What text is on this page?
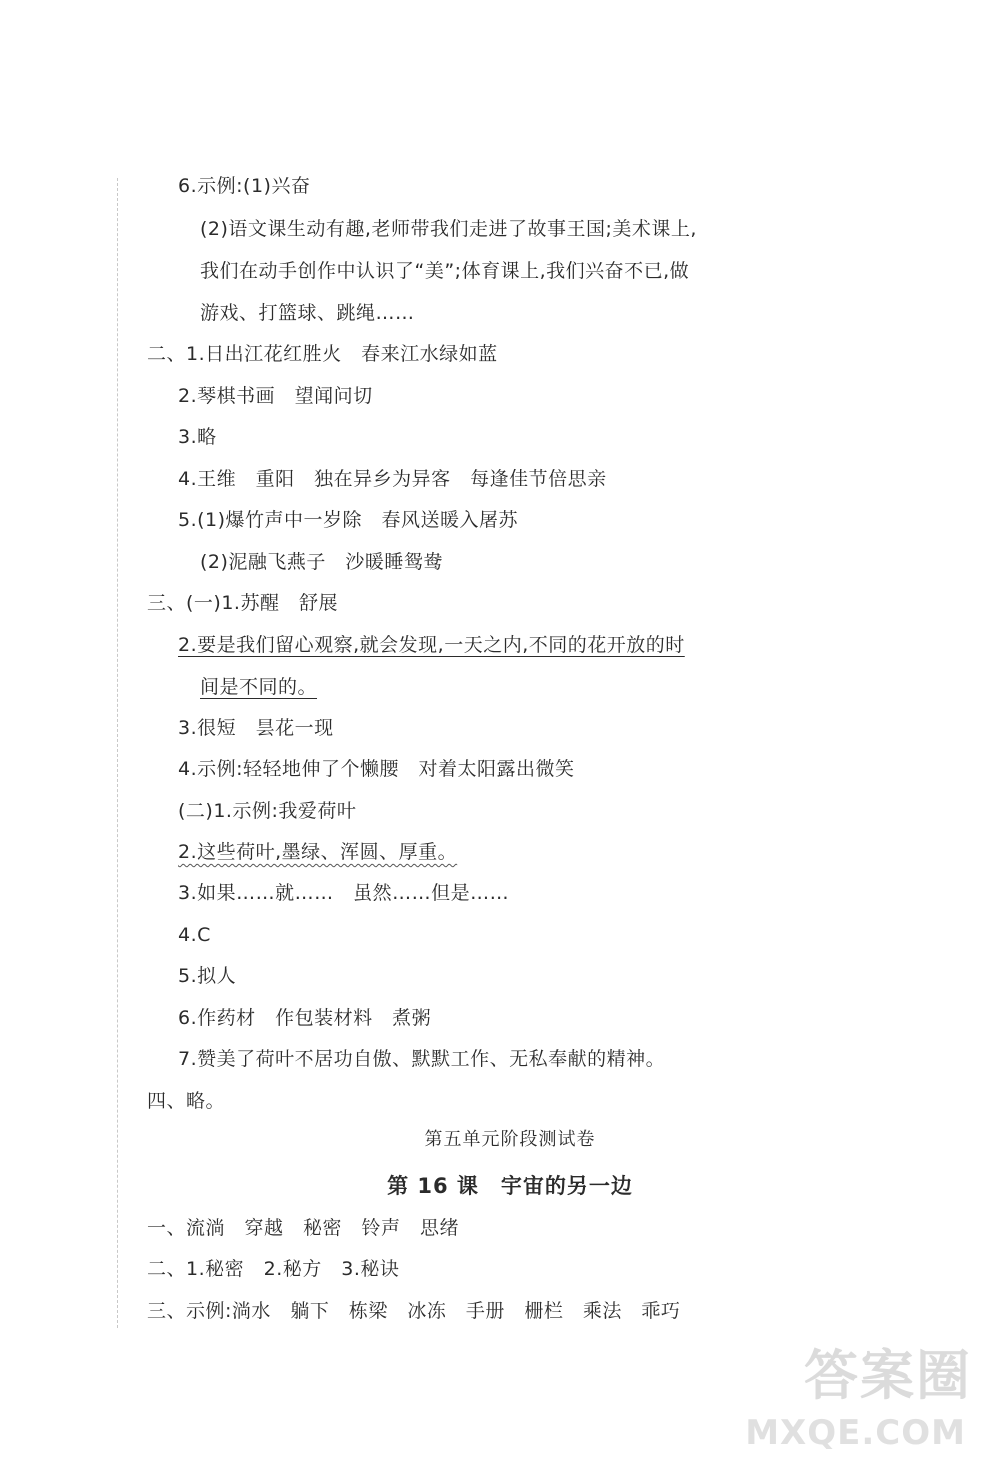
6.示例:(1)兴奋
(2)语文课生动有趣,老师带我们走进了故事王国;美术课上,
我们在动手创作中认识了“美”;体育课上,我们兴奋不已,做
游戏、打篮球、跳绳……
二、1.日出江花红胜火　春来江水绿如蓝
2.琴棋书画　望闻问切
3.略
4.王维　重阳　独在异乡为异客　每逢佳节倍思亲
5.(1)爆竹声中一岁除　春风送暖入屠苏
(2)泥融飞燕子　沙暖睡鸳鸯
三、(一)1.苏醒　舒展
2.要是我们留心观察,就会发现,一天之内,不同的花开放的时
间是不同的。
3.很短　昙花一现
4.示例:轻轻地伸了个懒腰　对着太阳露出微笑
(二)1.示例:我爱荷叶
2.这些荷叶,墨绿、浑圆、厚重。
3.如果……就……　虽然……但是……
4.C
5.拟人
6.作药材　作包装材料　煮粥
7.赞美了荷叶不居功自傲、默默工作、无私奉献的精神。
四、略。
第五单元阶段测试卷
第 16 课　宇宙的另一边
一、流淌　穿越　秘密　铃声　思绪
二、1.秘密　2.秘方　3.秘诀
三、示例:淌水　躺下　栋梁　冰冻　手册　栅栏　乘法　乖巧
答案圈
MXQE.COM
